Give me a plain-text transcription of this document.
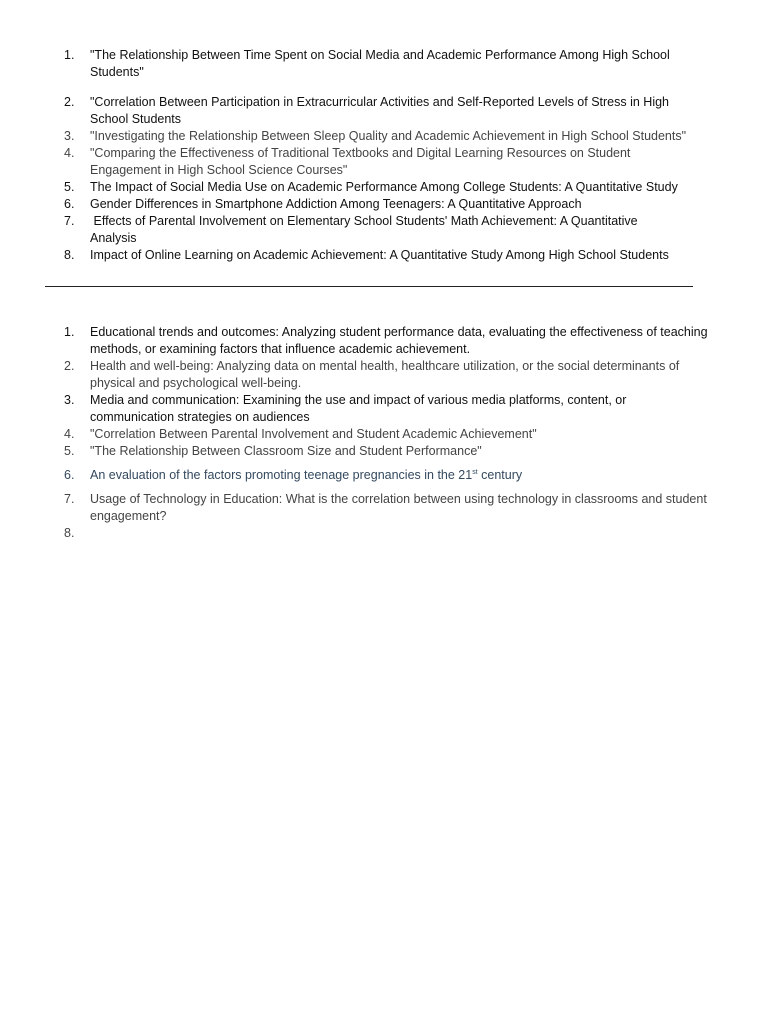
1.	"The Relationship Between Time Spent on Social Media and Academic Performance Among High School Students"
2.	"Correlation Between Participation in Extracurricular Activities and Self-Reported Levels of Stress in High School Students
3.	"Investigating the Relationship Between Sleep Quality and Academic Achievement in High School Students"
4.	"Comparing the Effectiveness of Traditional Textbooks and Digital Learning Resources on Student Engagement in High School Science Courses"
5.	The Impact of Social Media Use on Academic Performance Among College Students: A Quantitative Study
6.	Gender Differences in Smartphone Addiction Among Teenagers: A Quantitative Approach
7.	Effects of Parental Involvement on Elementary School Students' Math Achievement: A Quantitative Analysis
8.	Impact of Online Learning on Academic Achievement: A Quantitative Study Among High School Students
1.	Educational trends and outcomes: Analyzing student performance data, evaluating the effectiveness of teaching methods, or examining factors that influence academic achievement.
2.	Health and well-being: Analyzing data on mental health, healthcare utilization, or the social determinants of physical and psychological well-being.
3.	Media and communication: Examining the use and impact of various media platforms, content, or communication strategies on audiences
4.	"Correlation Between Parental Involvement and Student Academic Achievement"
5.	"The Relationship Between Classroom Size and Student Performance"
6.	An evaluation of the factors promoting teenage pregnancies in the 21st century
7.	Usage of Technology in Education: What is the correlation between using technology in classrooms and student engagement?
8.
